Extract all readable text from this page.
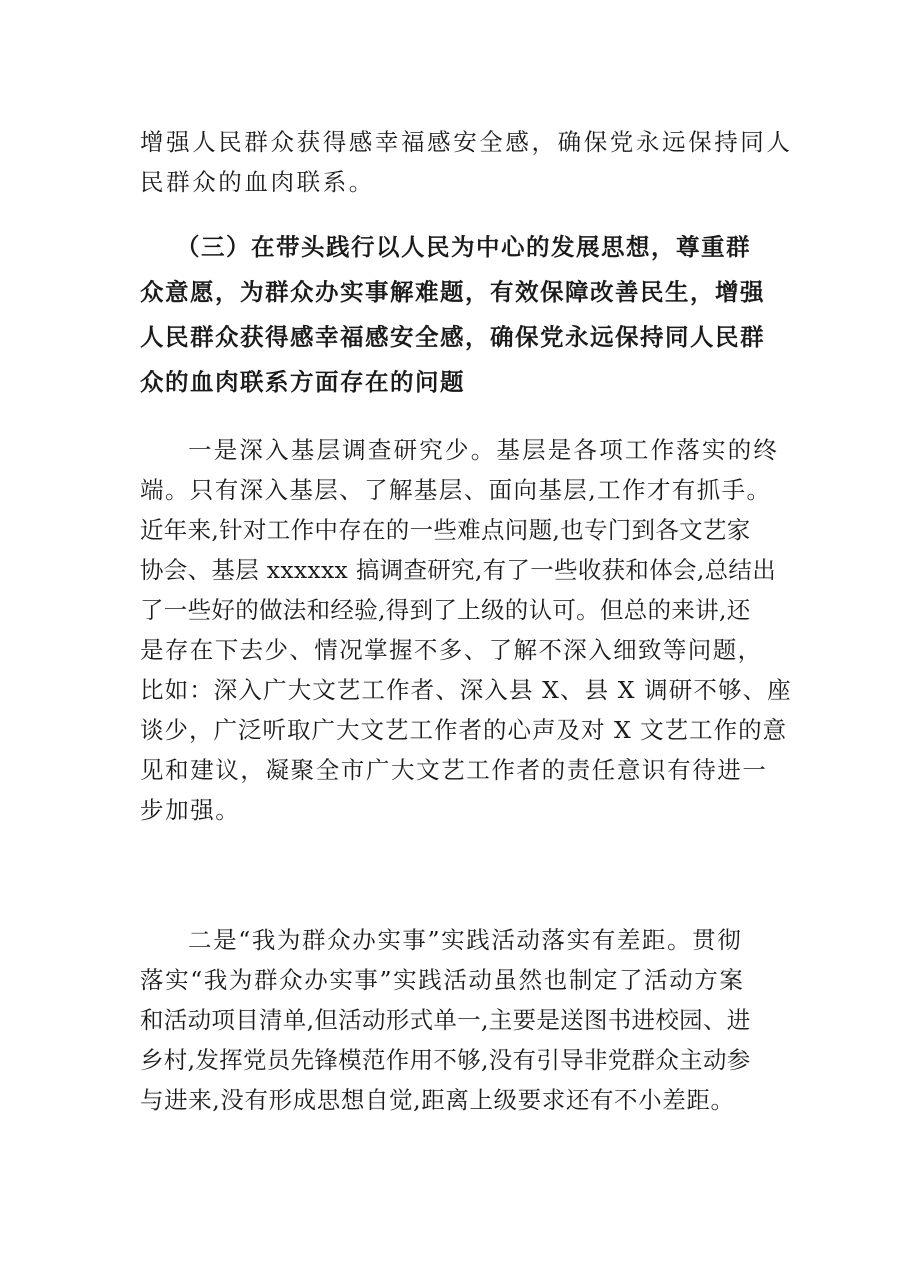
增强人民群众获得感幸福感安全感，确保党永远保持同人
民群众的血肉联系。
（三）在带头践行以人民为中心的发展思想，尊重群
众意愿，为群众办实事解难题，有效保障改善民生，增强
人民群众获得感幸福感安全感，确保党永远保持同人民群
众的血肉联系方面存在的问题
一是深入基层调查研究少。基层是各项工作落实的终
端。只有深入基层、了解基层、面向基层,工作才有抓手。
近年来,针对工作中存在的一些难点问题,也专门到各文艺家
协会、基层 xxxxxx 搞调查研究,有了一些收获和体会,总结出
了一些好的做法和经验,得到了上级的认可。但总的来讲,还
是存在下去少、情况掌握不多、了解不深入细致等问题，
比如：深入广大文艺工作者、深入县 X、县 X 调研不够、座
谈少，广泛听取广大文艺工作者的心声及对 X 文艺工作的意
见和建议，凝聚全市广大文艺工作者的责任意识有待进一
步加强。
二是“我为群众办实事”实践活动落实有差距。贯彻
落实“我为群众办实事”实践活动虽然也制定了活动方案
和活动项目清单,但活动形式单一,主要是送图书进校园、进
乡村,发挥党员先锋模范作用不够,没有引导非党群众主动参
与进来,没有形成思想自觉,距离上级要求还有不小差距。
